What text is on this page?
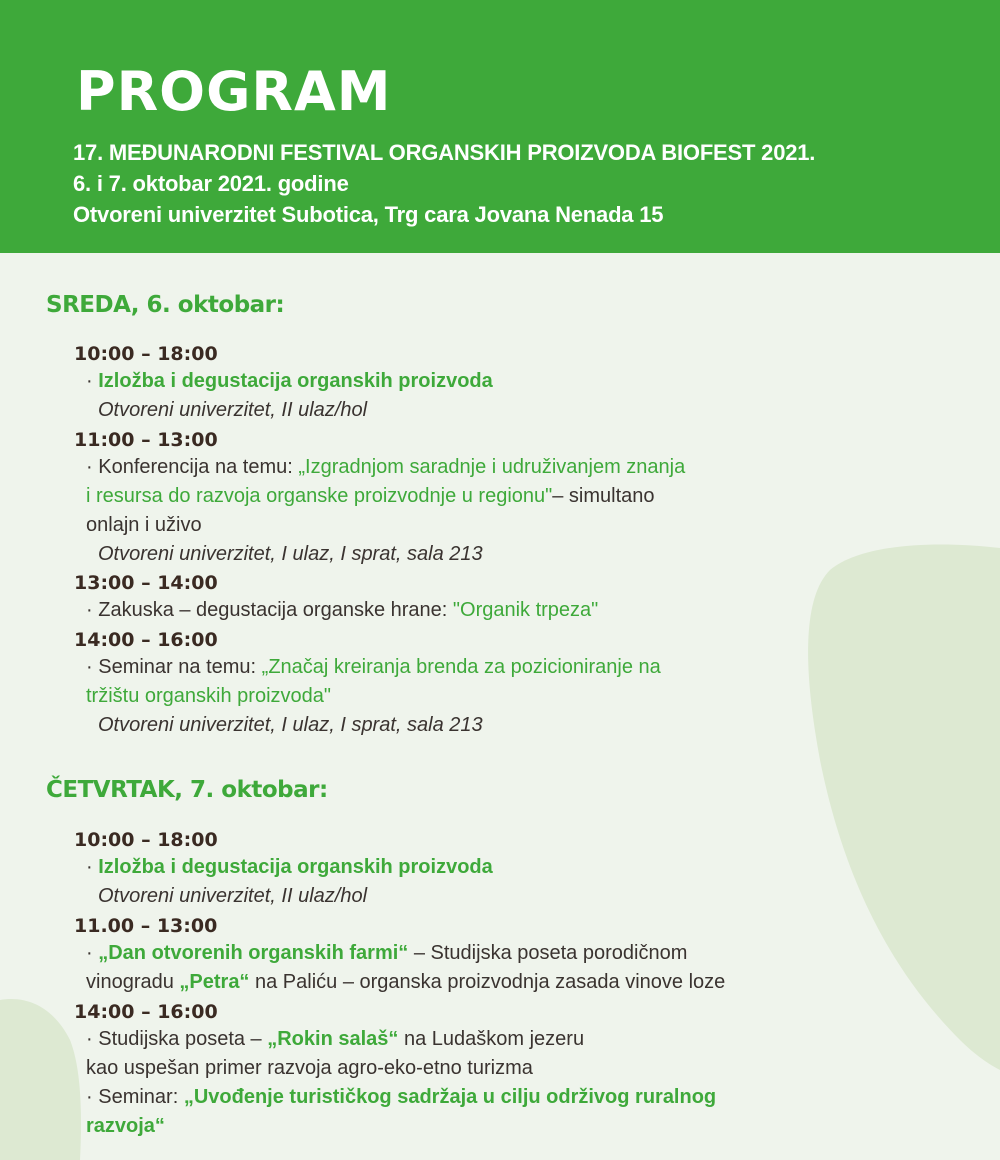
PROGRAM
17. MEĐUNARODNI FESTIVAL ORGANSKIH PROIZVODA BIOFEST 2021.
6. i 7. oktobar 2021. godine
Otvoreni univerzitet Subotica, Trg cara Jovana Nenada 15
SREDA, 6. oktobar:
10:00 – 18:00
· Izložba i degustacija organskih proizvoda
Otvoreni univerzitet, II ulaz/hol
11:00 – 13:00
· Konferencija na temu: „Izgradnjom saradnje i udruživanjem znanja
i resursa do razvoja organske proizvodnje u regionu"– simultano
onlajn i uživo
Otvoreni univerzitet, I ulaz, I sprat, sala 213
13:00 – 14:00
· Zakuska – degustacija organske hrane: "Organik trpeza"
14:00 – 16:00
· Seminar na temu: „Značaj kreiranja brenda za pozicioniranje na
tržištu organskih proizvoda"
Otvoreni univerzitet, I ulaz, I sprat, sala 213
ČETVRTAK, 7. oktobar:
10:00 – 18:00
· Izložba i degustacija organskih proizvoda
Otvoreni univerzitet, II ulaz/hol
11.00 – 13:00
· „Dan otvorenih organskih farmi“ – Studijska poseta porodičnom
vinogradu „Petra“ na Paliću – organska proizvodnja zasada vinove loze
14:00 – 16:00
· Studijska poseta – „Rokin salaš“ na Ludaškom jezeru
kao uspešan primer razvoja agro-eko-etno turizma
· Seminar: „Uvođenje turističkog sadržaja u cilju održivog ruralnog
razvoja“
